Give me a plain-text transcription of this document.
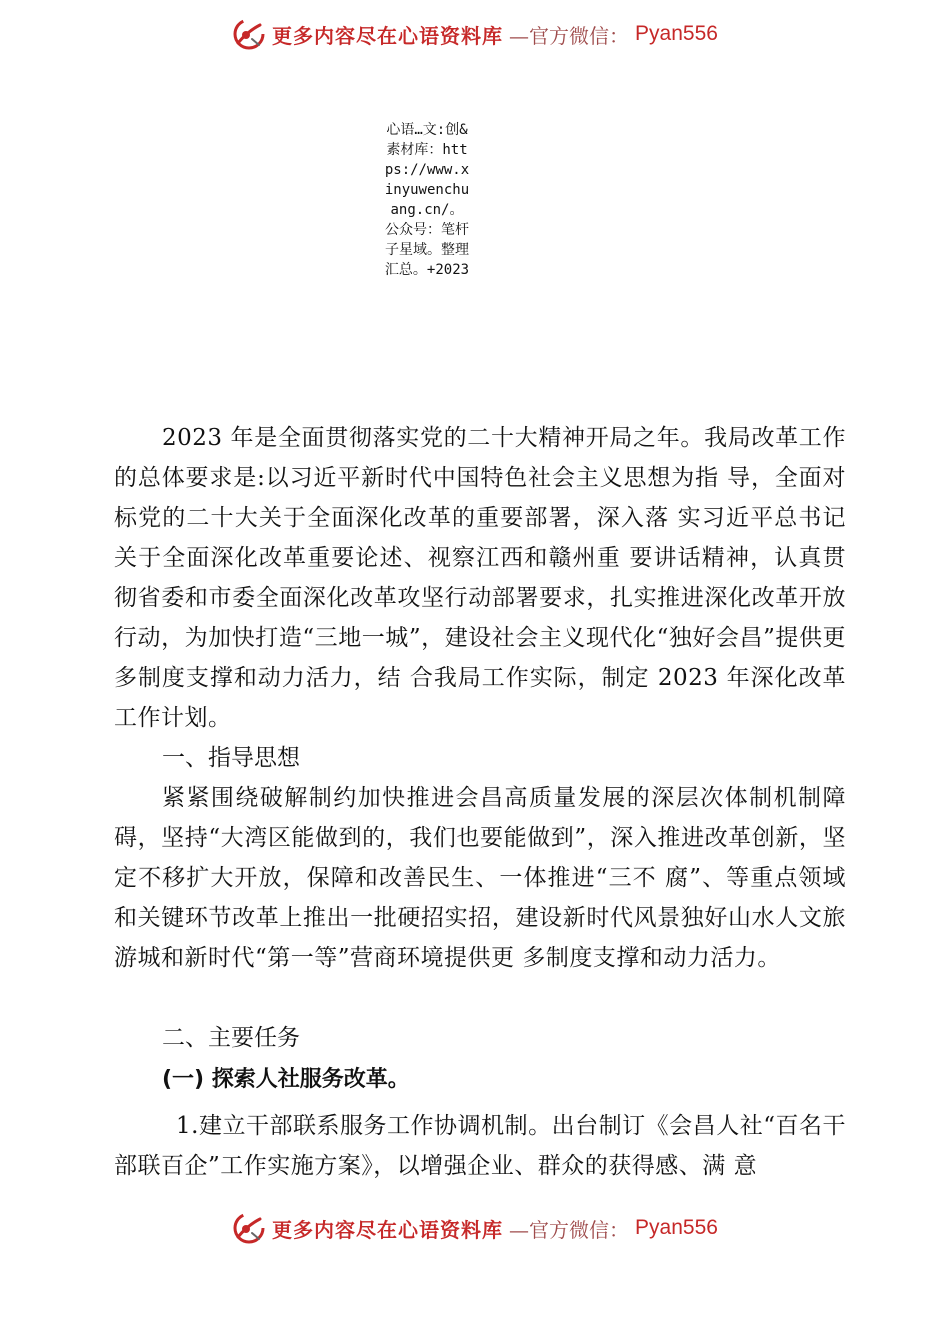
更多内容尽在心语资料库 —官方微信： Pyan556
心语…文:创&素材库：https://www.xinyuwenchuang.cn/。公众号：笔杆子星域。整理汇总。+2023

2023 年是全面贯彻落实党的二十大精神开局之年。我局改革工作的总体要求是:以习近平新时代中国特色社会主义思想为指 导，全面对标党的二十大关于全面深化改革的重要部署，深入落 实习近平总书记关于全面深化改革重要论述、视察江西和赣州重 要讲话精神，认真贯彻省委和市委全面深化改革攻坚行动部署要求，扎实推进深化改革开放行动，为加快打造“三地一城”，建设社会主义现代化“独好会昌”提供更多制度支撑和动力活力，结 合我局工作实际，制定 2023 年深化改革工作计划。

一、指导思想

紧紧围绕破解制约加快推进会昌高质量发展的深层次体制机制障碍，坚持“大湾区能做到的，我们也要能做到”，深入推进改革创新，坚定不移扩大开放，保障和改善民生、一体推进“三不 腐”、等重点领域和关键环节改革上推出一批硬招实招，建设新时代风景独好山水人文旅游城和新时代“第一等”营商环境提供更 多制度支撑和动力活力。

二、主要任务

(一) 探索人社服务改革。

1.建立干部联系服务工作协调机制。出台制订《会昌人社“百名干部联百企”工作实施方案》，以增强企业、群众的获得感、满 意

更多内容尽在心语资料库 —官方微信： Pyan556
